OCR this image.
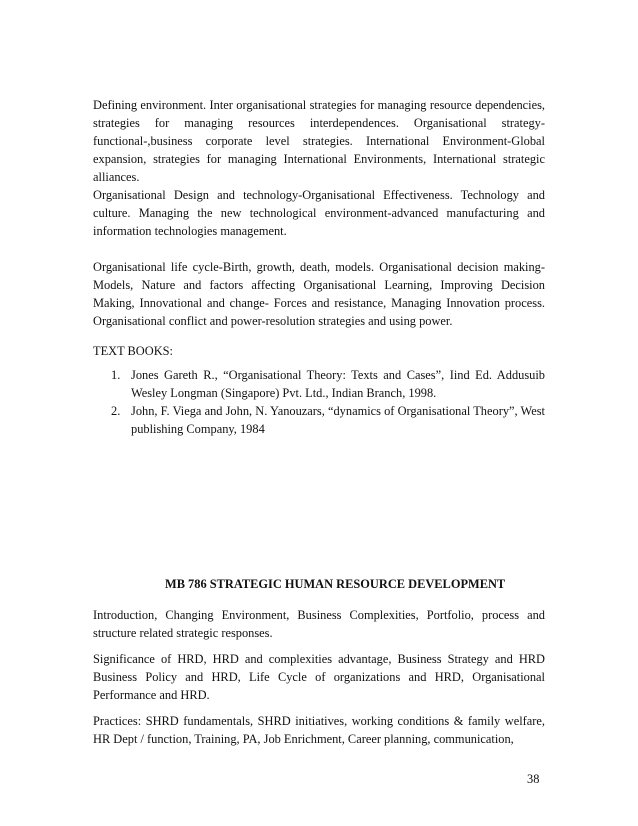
Defining environment. Inter organisational strategies for managing resource dependencies, strategies for managing resources interdependences. Organisational strategy-functional-,business corporate level strategies. International Environment-Global expansion, strategies for managing International Environments, International strategic alliances.

Organisational Design and technology-Organisational Effectiveness. Technology and culture. Managing the new technological environment-advanced manufacturing and information technologies management.

Organisational life cycle-Birth, growth, death, models. Organisational decision making-Models, Nature and factors affecting Organisational Learning, Improving Decision Making, Innovational and change- Forces and resistance, Managing Innovation process. Organisational conflict and power-resolution strategies and using power.

TEXT BOOKS:

1. Jones Gareth R., “Organisational Theory: Texts and Cases”, Iind Ed. Addusuib Wesley Longman (Singapore) Pvt. Ltd., Indian Branch, 1998.
2. John, F. Viega and John, N. Yanouzars, “dynamics of Organisational Theory”, West publishing Company, 1984

MB 786 STRATEGIC HUMAN RESOURCE DEVELOPMENT

Introduction, Changing Environment, Business Complexities, Portfolio, process and structure related strategic responses.

Significance of HRD, HRD and complexities advantage, Business Strategy and HRD Business Policy and HRD, Life Cycle of organizations and HRD, Organisational Performance and HRD.

Practices: SHRD fundamentals, SHRD initiatives, working conditions & family welfare, HR Dept / function, Training, PA, Job Enrichment, Career planning, communication,

38
